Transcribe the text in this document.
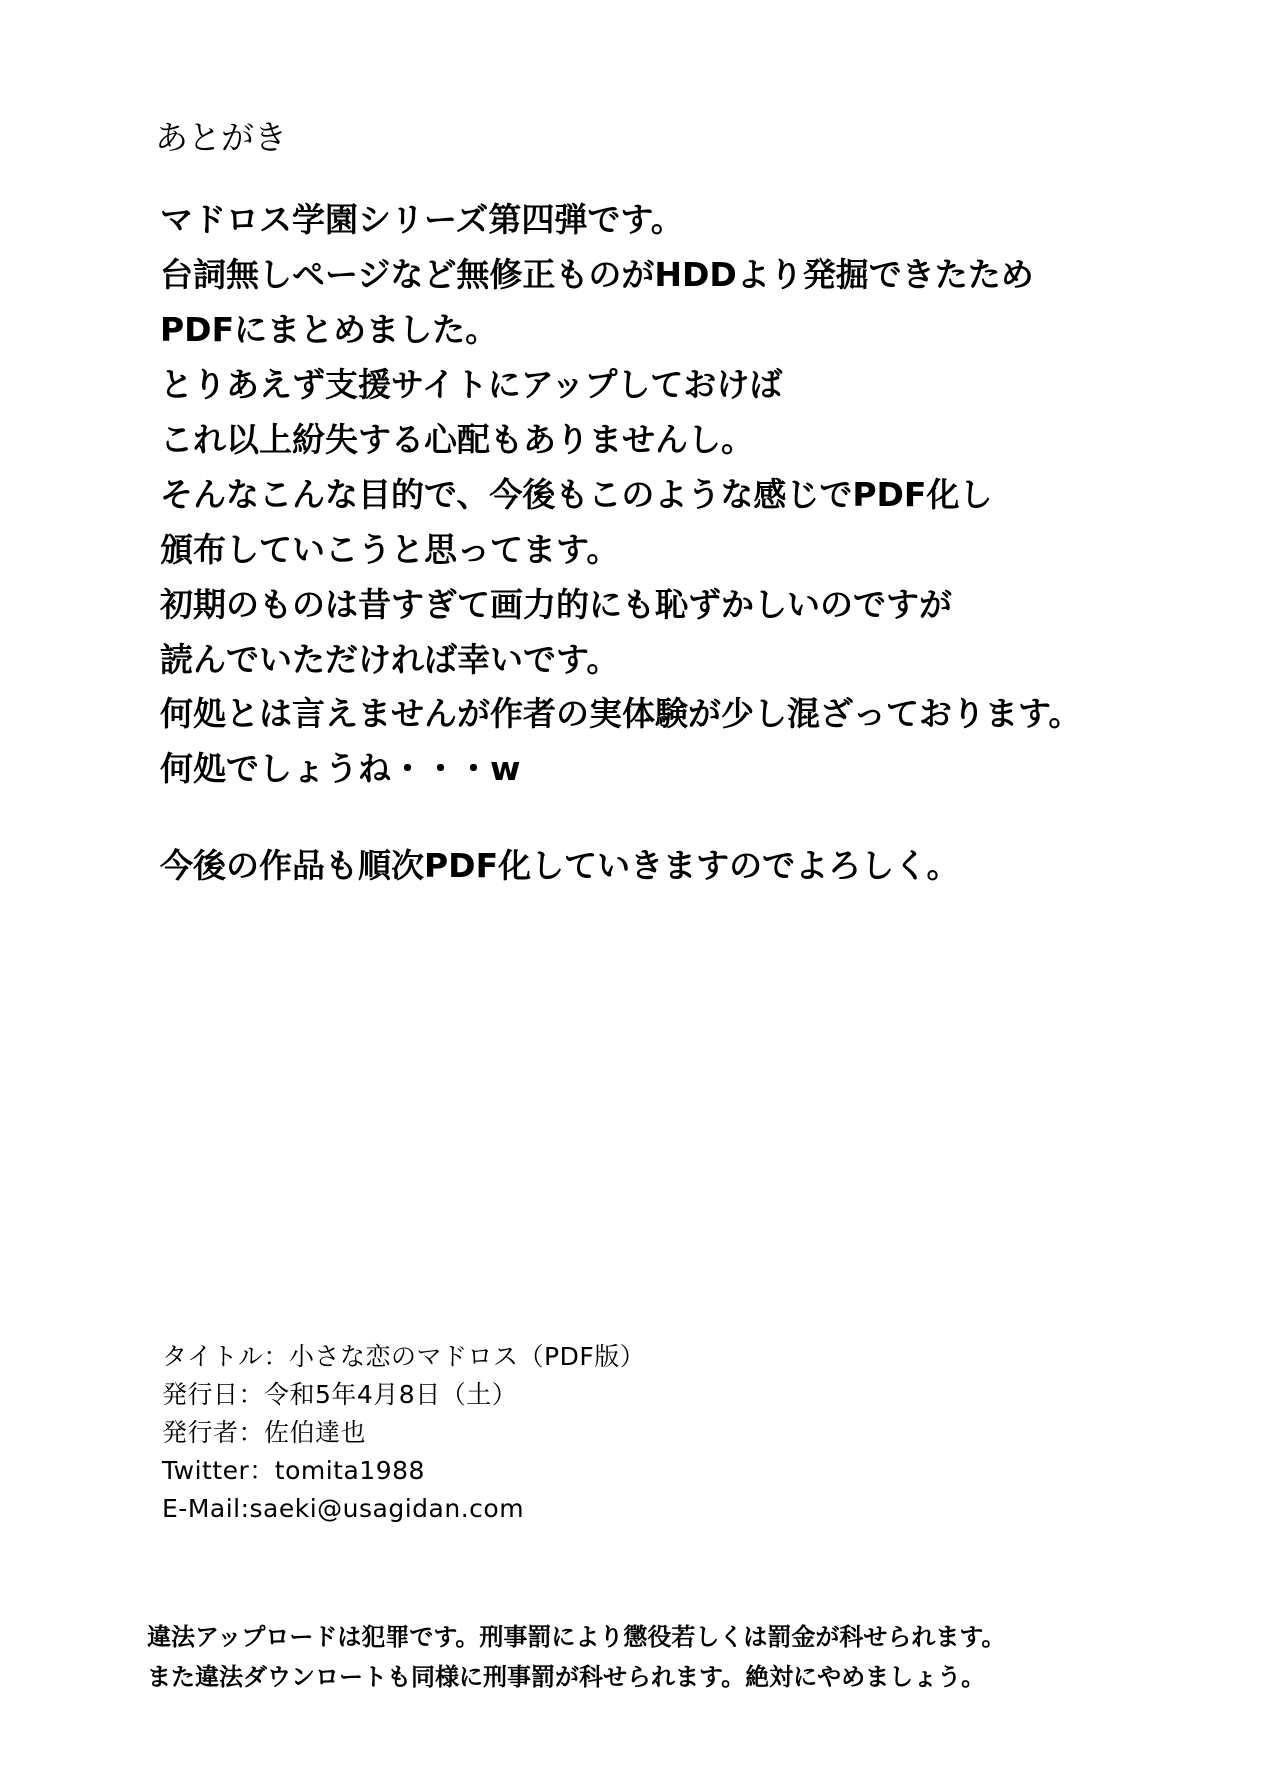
あとがき
マドロス学園シリーズ第四弾です。
台詞無しページなど無修正ものがHDDより発掘できたため
PDFにまとめました。
とりあえず支援サイトにアップしておけば
これ以上紛失する心配もありませんし。
そんなこんな目的で、今後もこのような感じでPDF化し
頒布していこうと思ってます。
初期のものは昔すぎて画力的にも恥ずかしいのですが
読んでいただければ幸いです。
何処とは言えませんが作者の実体験が少し混ざっております。
何処でしょうね・・・w
今後の作品も順次PDF化していきますのでよろしく。
タイトル：小さな恋のマドロス（PDF版）
発行日：令和5年4月8日（土）
発行者：佐伯達也
Twitter：tomita1988
E-Mail:saeki@usagidan.com
違法アップロードは犯罪です。刑事罰により懲役若しくは罰金が科せられます。
また違法ダウンロートも同様に刑事罰が科せられます。絶対にやめましょう。
